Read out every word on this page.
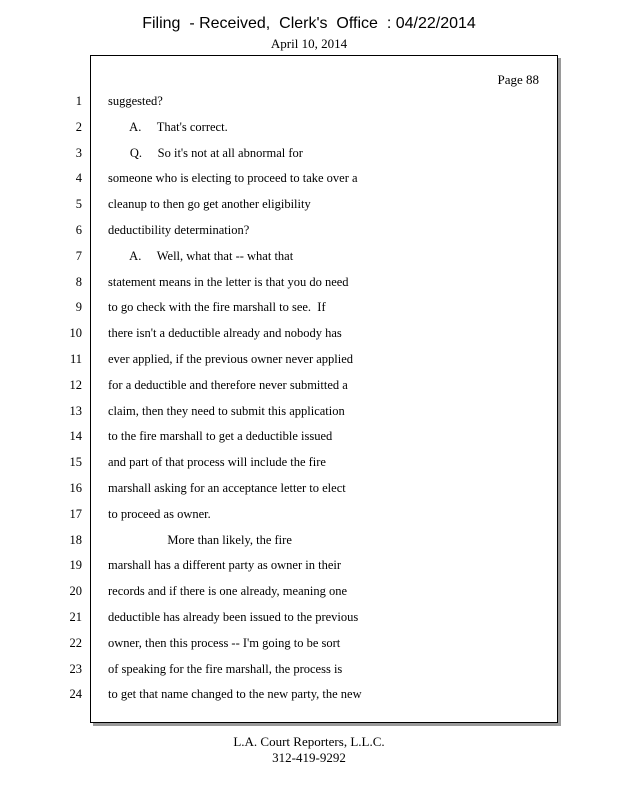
Filing  - Received,  Clerk's  Office  : 04/22/2014
April 10, 2014
Page 88
1 suggested?
2 A.     That's correct.
3 Q.     So it's not at all abnormal for
4 someone who is electing to proceed to take over a
5 cleanup to then go get another eligibility
6 deductibility determination?
7 A.     Well, what that -- what that
8 statement means in the letter is that you do need
9 to go check with the fire marshall to see.  If
10 there isn't a deductible already and nobody has
11 ever applied, if the previous owner never applied
12 for a deductible and therefore never submitted a
13 claim, then they need to submit this application
14 to the fire marshall to get a deductible issued
15 and part of that process will include the fire
16 marshall asking for an acceptance letter to elect
17 to proceed as owner.
18 More than likely, the fire
19 marshall has a different party as owner in their
20 records and if there is one already, meaning one
21 deductible has already been issued to the previous
22 owner, then this process -- I'm going to be sort
23 of speaking for the fire marshall, the process is
24 to get that name changed to the new party, the new
L.A. Court Reporters, L.L.C.
312-419-9292
